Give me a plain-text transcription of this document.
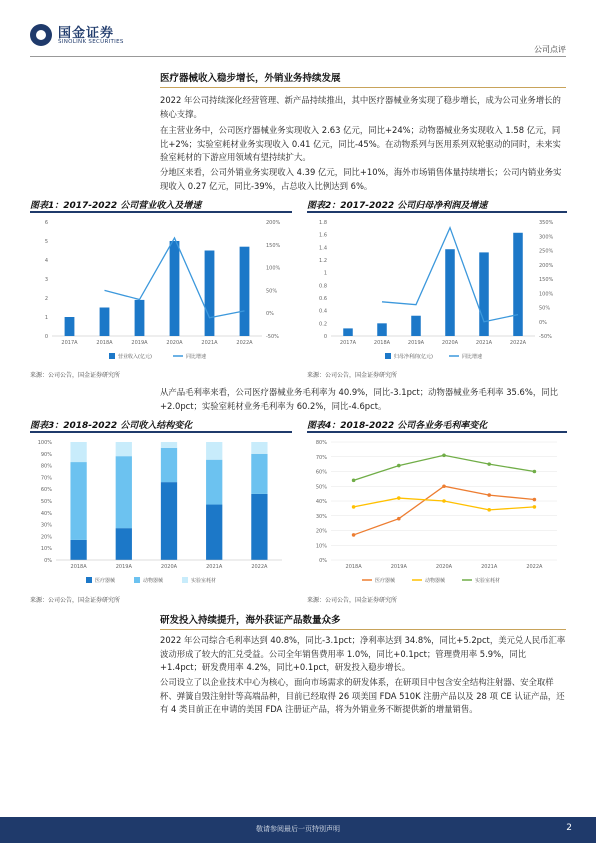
国金证券
SINOLINK SECURITIES
公司点评
医疗器械收入稳步增长，外销业务持续发展
2022 年公司持续深化经营管理、新产品持续推出，其中医疗器械业务实现了稳步增长，成为公司业务增长的核心支撑。
在主营业务中，公司医疗器械业务实现收入 2.63 亿元，同比+24%；动物器械业务实现收入 1.58 亿元，同比+2%；实验室耗材业务实现收入 0.41 亿元，同比-45%。在动物系列与医用系列双轮驱动的同时，未来实验室耗材的下游应用领域有望持续扩大。
分地区来看，公司外销业务实现收入 4.39 亿元，同比+10%，海外市场销售体量持续增长；公司内销业务实现收入 0.27 亿元，同比-39%，占总收入比例达到 6%。
图表1：2017-2022 公司营业收入及增速
0
1
2
3
4
5
6
-50%
0%
50%
100%
150%
200%
2017A	2018A	2019A	2020A	2021A	2022A
营业收入(亿元)	同比增速
来源：公司公告，国金证券研究所
图表2：2017-2022 公司归母净利润及增速
0
0.2
0.4
0.6
0.8
1
1.2
1.4
1.6
1.8
-50%
0%
50%
100%
150%
200%
250%
300%
350%
2017A	2018A	2019A	2020A	2021A	2022A
归母净利润(亿元)	同比增速
来源：公司公告，国金证券研究所
从产品毛利率来看，公司医疗器械业务毛利率为 40.9%，同比-3.1pct；动物器械业务毛利率 35.6%，同比+2.0pct；实验室耗材业务毛利率为 60.2%，同比-4.6pct。
图表3：2018-2022 公司收入结构变化
0%
10%
20%
30%
40%
50%
60%
70%
80%
90%
100%
2018A	2019A	2020A	2021A	2022A
医疗器械	动物器械	实验室耗材
来源：公司公告，国金证券研究所
图表4：2018-2022 公司各业务毛利率变化
0%
10%
20%
30%
40%
50%
60%
70%
80%
2018A	2019A	2020A	2021A	2022A
医疗器械	动物器械	实验室耗材
来源：公司公告，国金证券研究所
研发投入持续提升，海外获证产品数量众多
2022 年公司综合毛利率达到 40.8%，同比-3.1pct；净利率达到 34.8%，同比+5.2pct，美元兑人民币汇率波动形成了较大的汇兑受益。公司全年销售费用率 1.0%，同比+0.1pct；管理费用率 5.9%，同比+1.4pct；研发费用率 4.2%，同比+0.1pct，研发投入稳步增长。
公司设立了以企业技术中心为核心，面向市场需求的研发体系，在研项目中包含安全结构注射器、安全取样杯、弹簧自毁注射针等高端品种，目前已经取得 26 项美国 FDA 510K 注册产品以及 28 项 CE 认证产品，还有 4 类目前正在申请的美国 FDA 注册证产品，将为外销业务不断提供新的增量销售。
敬请参阅最后一页特别声明	2
